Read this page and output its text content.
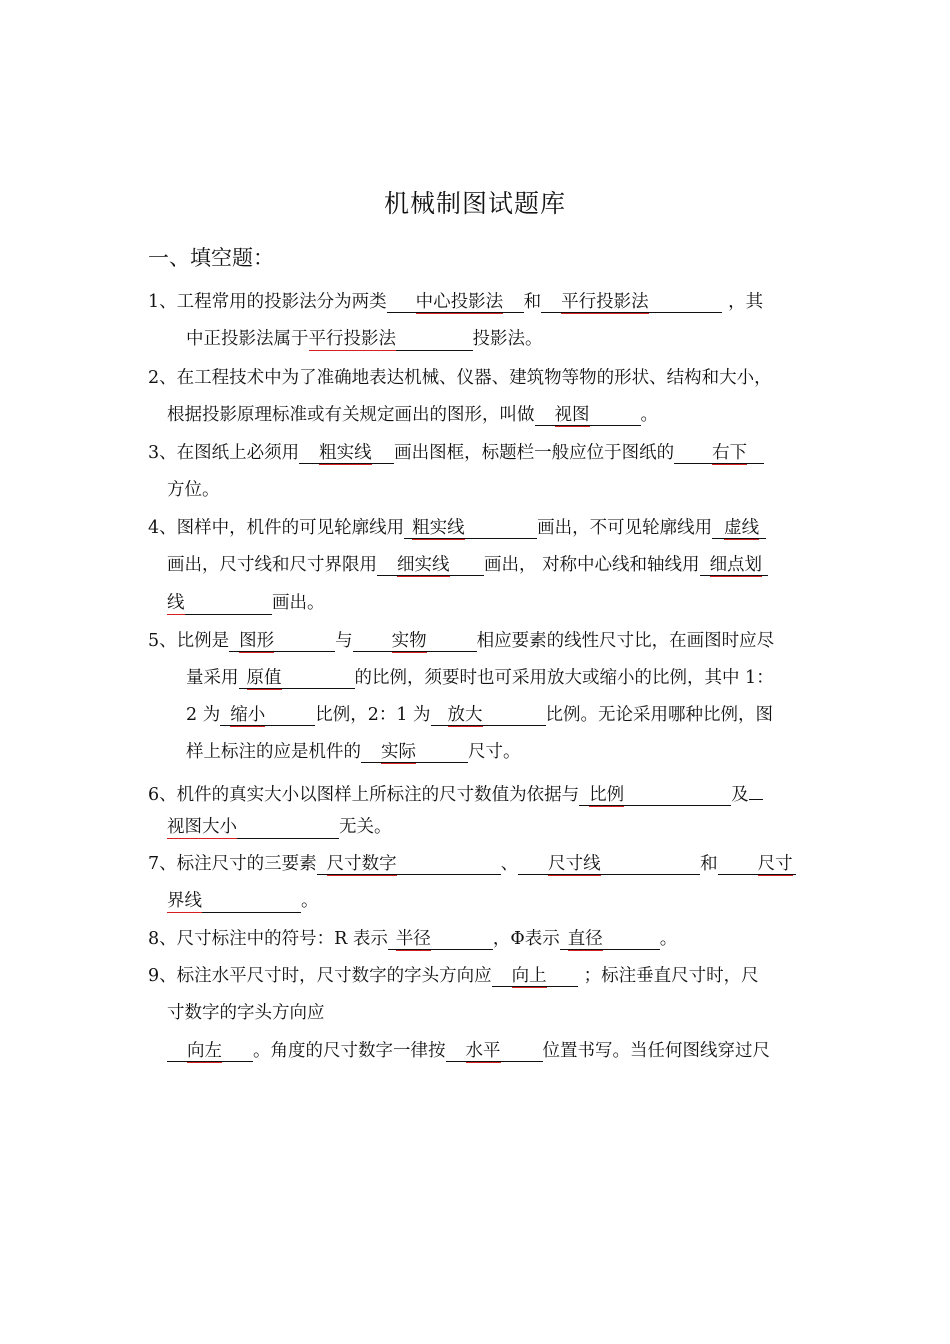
机械制图试题库
一、填空题：
1、工程常用的投影法分为两类 中心投影法 和 平行投影法	，其
中正投影法属于平行投影法	投影法。
2、在工程技术中为了准确地表达机械、仪器、建筑物等物的形状、结构和大小，
根据投影原理标准或有关规定画出的图形，叫做 视图	。
3、在图纸上必须用 粗实线 画出图框，标题栏一般应位于图纸的 右下
方位。
4、图样中，机件的可见轮廓线用 粗实线	画出，不可见轮廓线用 虚线
画出，尺寸线和尺寸界限用 细实线 画出， 对称中心线和轴线用 细点划
线	画出。
5、比例是 图形	与 实物	相应要素的线性尺寸比，在画图时应尽
量采用 原值	的比例，须要时也可采用放大或缩小的比例，其中 1：
2 为 缩小	比例，2：1 为 放大	比例。无论采用哪种比例，图
样上标注的应是机件的 实际	尺寸。
6、机件的真实大小以图样上所标注的尺寸数值为依据与 比例	及
视图大小	无关。
7、标注尺寸的三要素 尺寸数字	、 尺寸线	和 尺寸
界线	。
8、尺寸标注中的符号：R 表示 半径	，Φ表示 直径	。
9、标注水平尺寸时，尺寸数字的字头方向应 向上 ；标注垂直尺寸时，尺
寸数字的字头方向应
向左 。角度的尺寸数字一律按 水平 位置书写。当任何图线穿过尺
